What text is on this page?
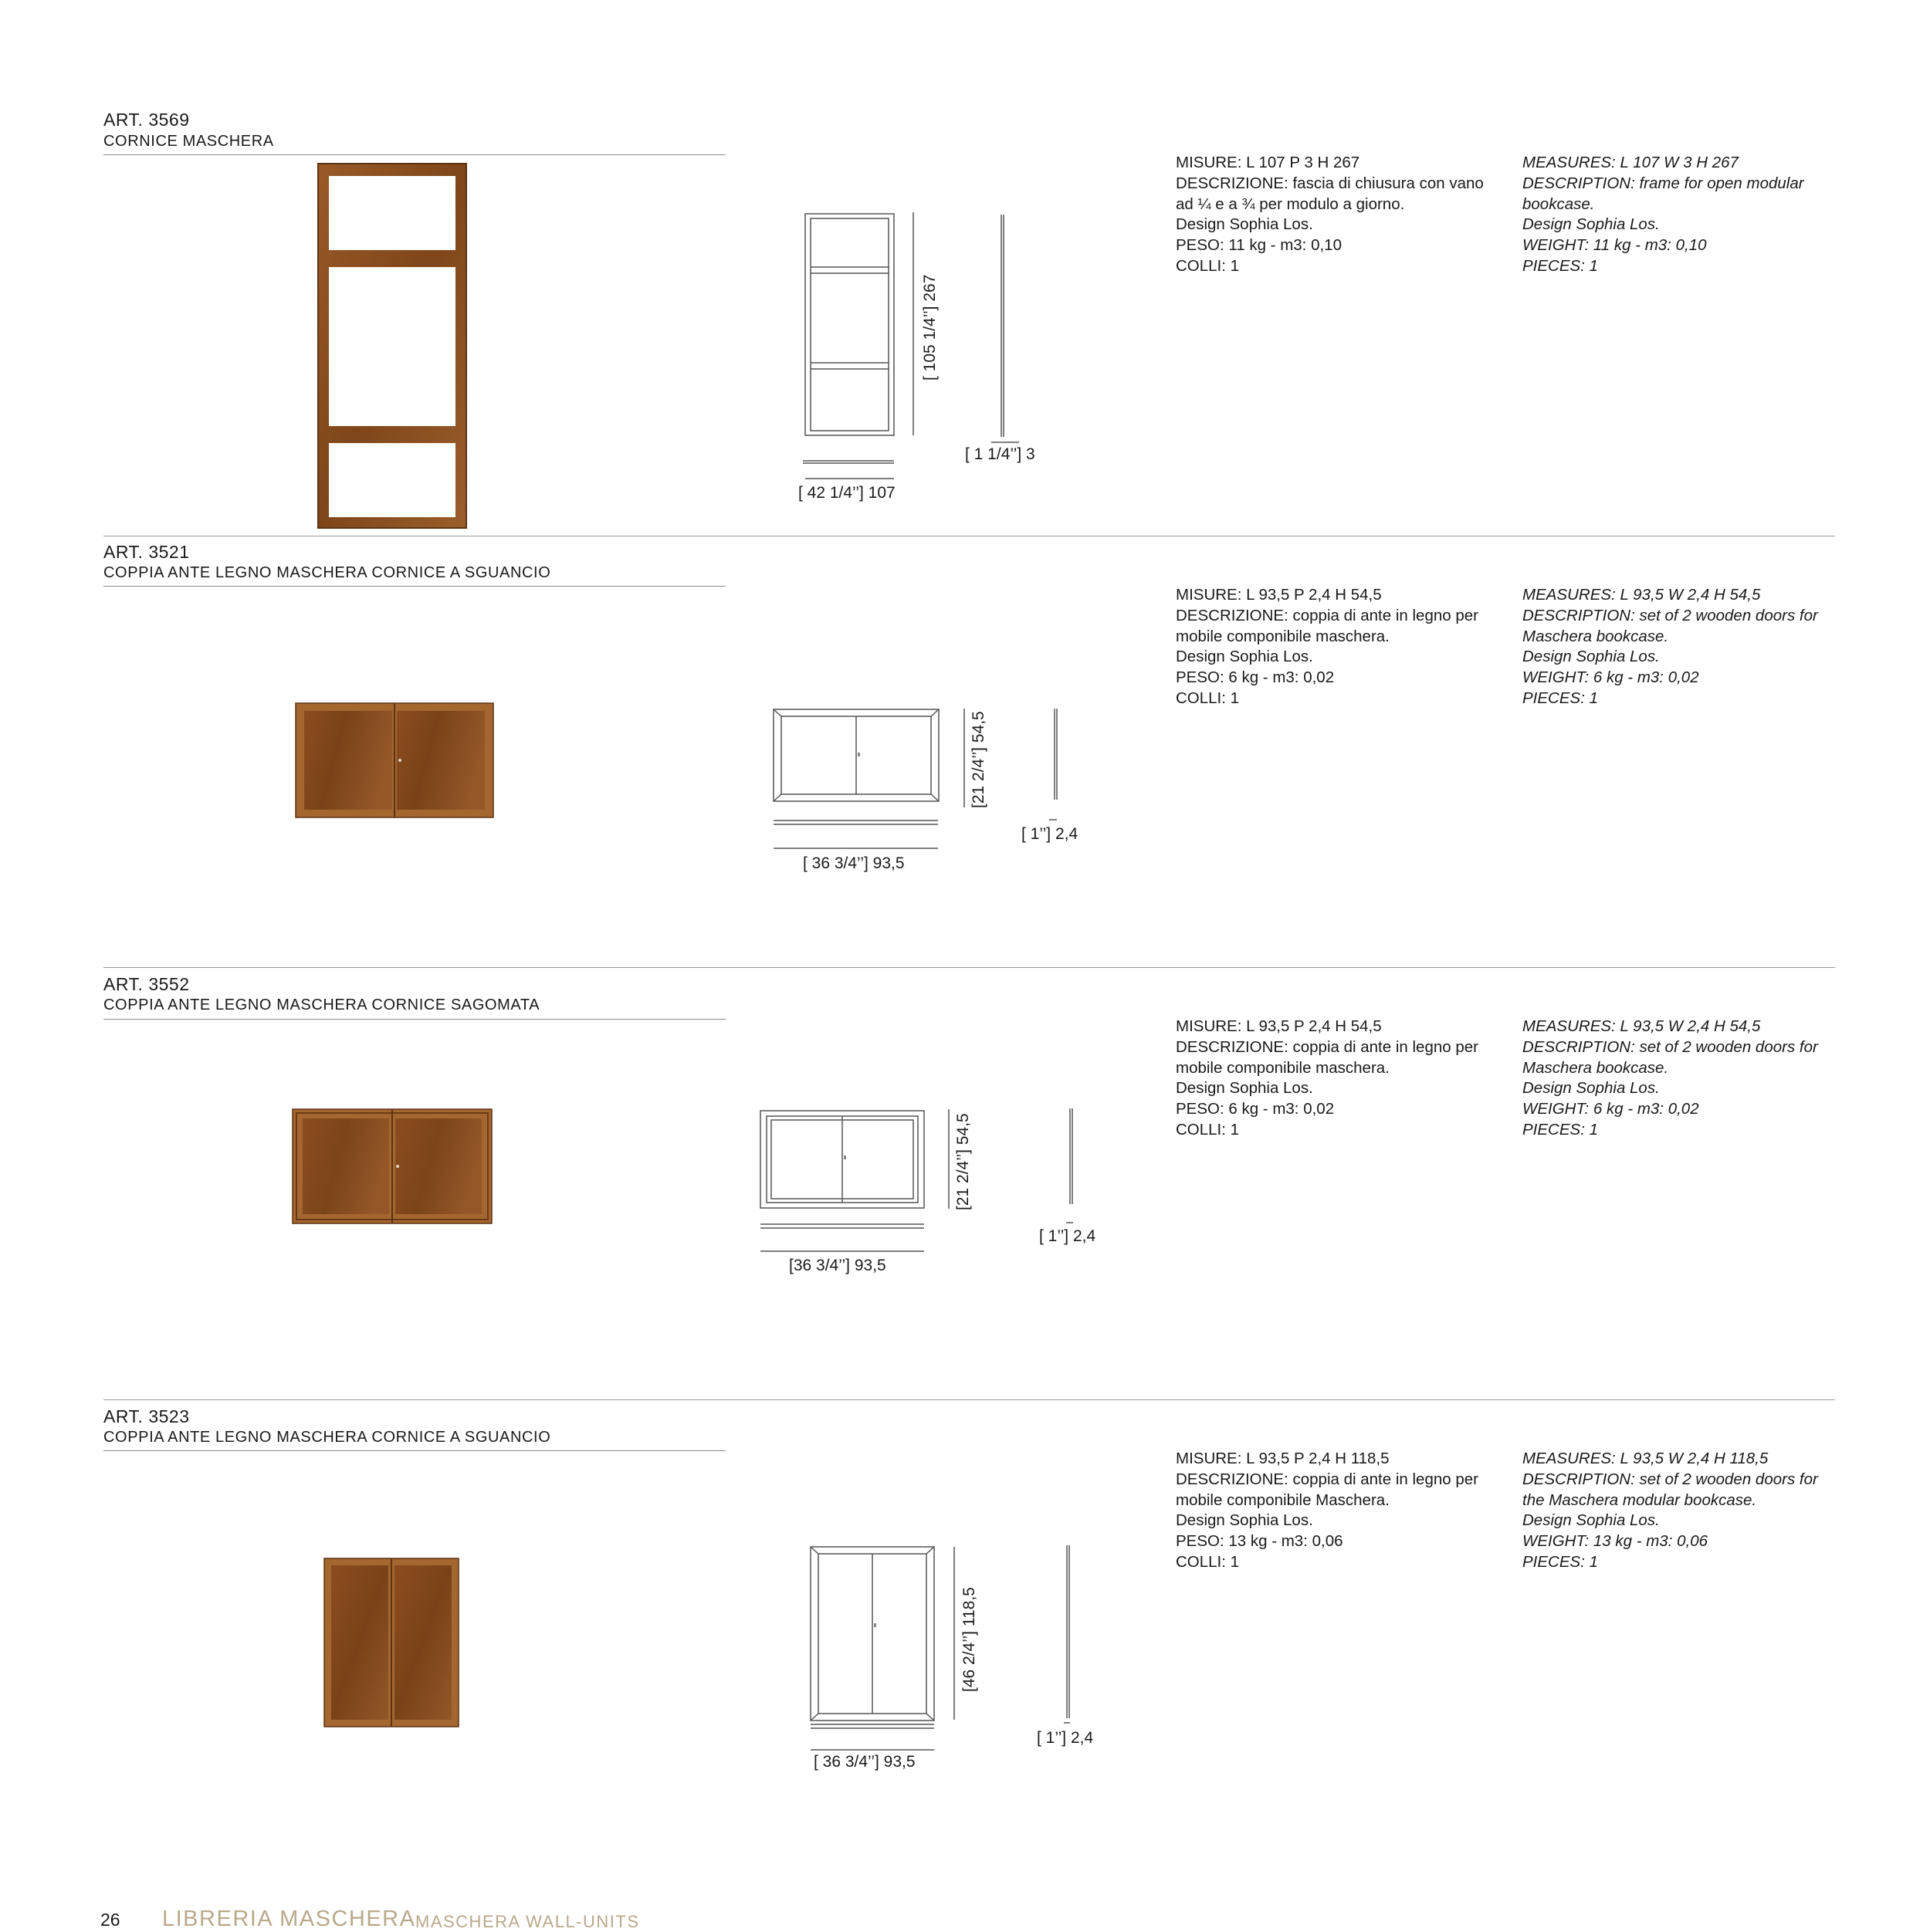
ART. 3569
CORNICE MASCHERA
[ 42 1/4’’] 107
[ 105 1/4’’] 267
[ 1 1/4’’] 3
MISURE: L 107 P 3 H 267
DESCRIZIONE: fascia di chiusura con vano
ad ¼ e a ¾ per modulo a giorno.
Design Sophia Los.
PESO: 11 kg - m3: 0,10
COLLI: 1
MEASURES: L 107 W 3 H 267
DESCRIPTION: frame for open modular
bookcase.
Design Sophia Los.
WEIGHT: 11 kg - m3: 0,10
PIECES: 1
ART. 3521
COPPIA ANTE LEGNO MASCHERA CORNICE A SGUANCIO
[ 36 3/4’’] 93,5
[21 2/4’’] 54,5
[ 1’’] 2,4
MISURE: L 93,5 P 2,4 H 54,5
DESCRIZIONE: coppia di ante in legno per
mobile componibile maschera.
Design Sophia Los.
PESO: 6 kg - m3: 0,02
COLLI: 1
MEASURES: L 93,5 W 2,4 H 54,5
DESCRIPTION: set of 2 wooden doors for
Maschera bookcase.
Design Sophia Los.
WEIGHT: 6 kg - m3: 0,02
PIECES: 1
ART. 3552
COPPIA ANTE LEGNO MASCHERA CORNICE SAGOMATA
[36 3/4’’] 93,5
[21 2/4’’] 54,5
[ 1’’] 2,4
MISURE: L 93,5 P 2,4 H 54,5
DESCRIZIONE: coppia di ante in legno per
mobile componibile maschera.
Design Sophia Los.
PESO: 6 kg - m3: 0,02
COLLI: 1
MEASURES: L 93,5 W 2,4 H 54,5
DESCRIPTION: set of 2 wooden doors for
Maschera bookcase.
Design Sophia Los.
WEIGHT: 6 kg - m3: 0,02
PIECES: 1
ART. 3523
COPPIA ANTE LEGNO MASCHERA CORNICE A SGUANCIO
[ 36 3/4’’] 93,5
[46 2/4’’] 118,5
[ 1’’] 2,4
MISURE: L 93,5 P 2,4 H 118,5
DESCRIZIONE: coppia di ante in legno per
mobile componibile Maschera.
Design Sophia Los.
PESO: 13 kg - m3: 0,06
COLLI: 1
MEASURES: L 93,5 W 2,4 H 118,5
DESCRIPTION: set of 2 wooden doors for
the Maschera modular bookcase.
Design Sophia Los.
WEIGHT: 13 kg - m3: 0,06
PIECES: 1
26 LIBRERIA MASCHERA MASCHERA WALL-UNITS
